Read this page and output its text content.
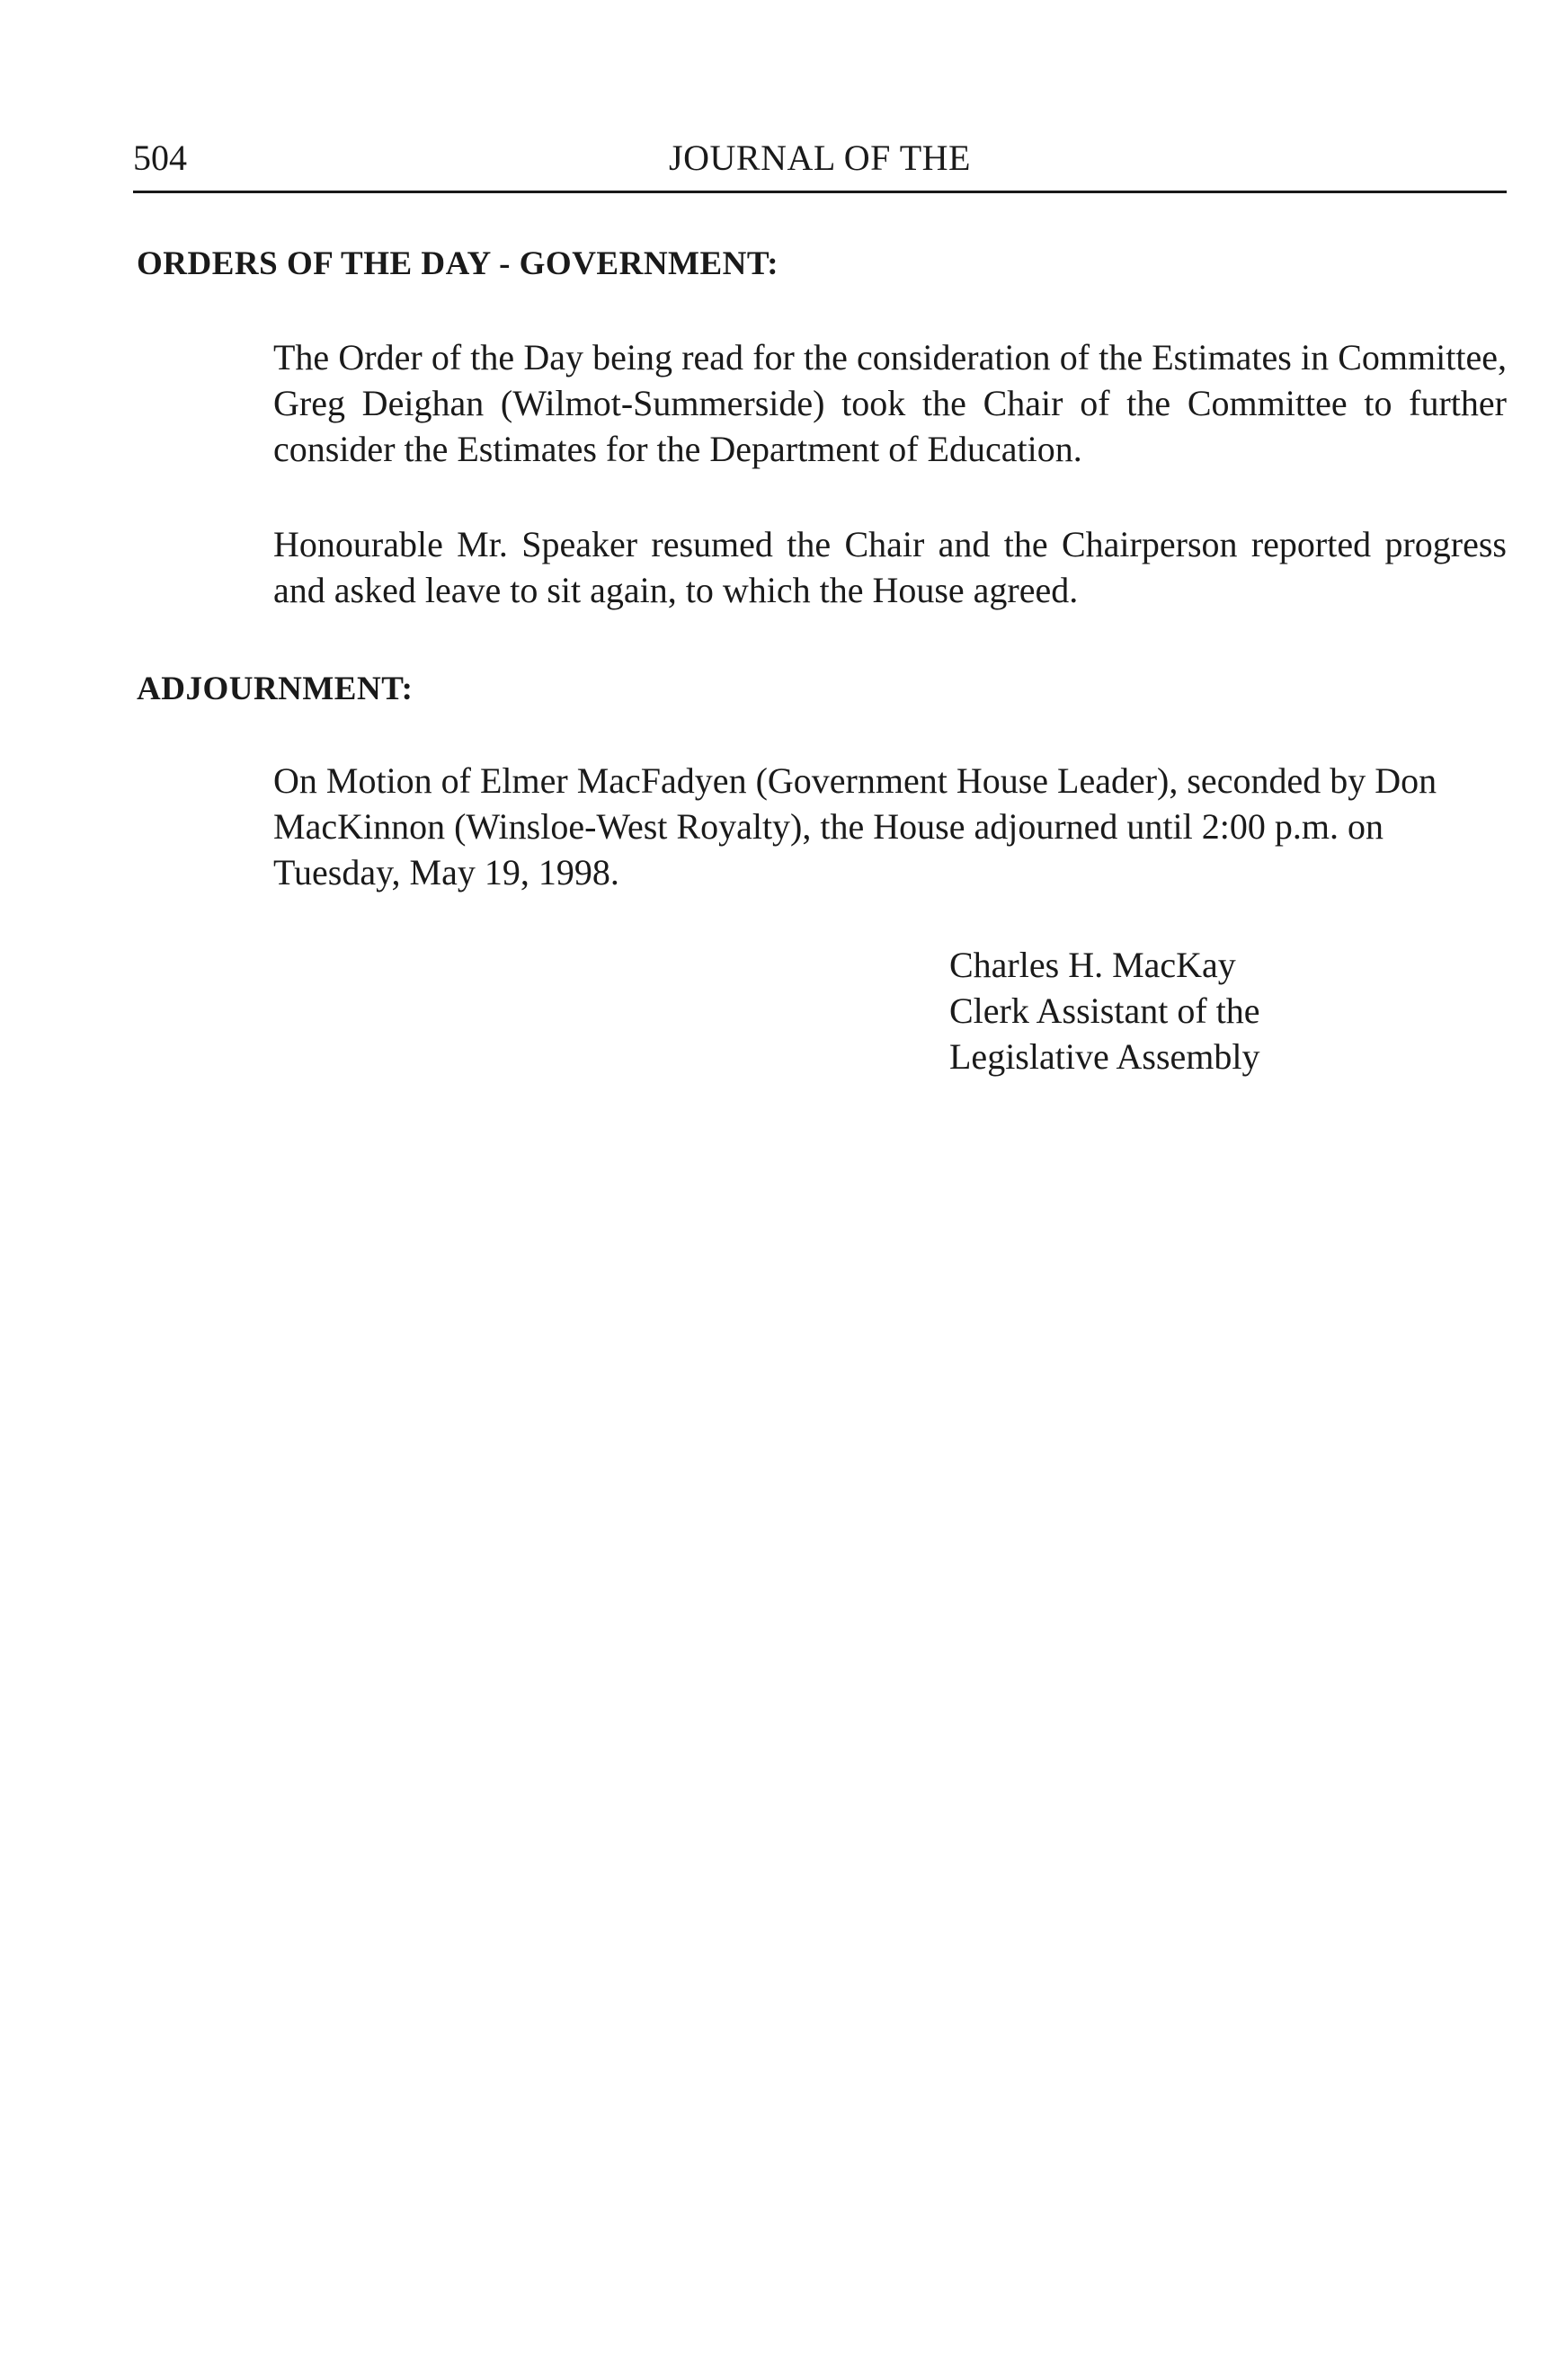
504	JOURNAL OF THE
ORDERS OF THE DAY - GOVERNMENT:

The Order of the Day being read for the consideration of the Estimates in Committee, Greg Deighan (Wilmot-Summerside) took the Chair of the Committee to further consider the Estimates for the Department of Education.

Honourable Mr. Speaker resumed the Chair and the Chairperson reported progress and asked leave to sit again, to which the House agreed.

ADJOURNMENT:

On Motion of Elmer MacFadyen (Government House Leader), seconded by Don MacKinnon (Winsloe-West Royalty), the House adjourned until 2:00 p.m. on Tuesday, May 19, 1998.

Charles H. MacKay
Clerk Assistant of the
Legislative Assembly
